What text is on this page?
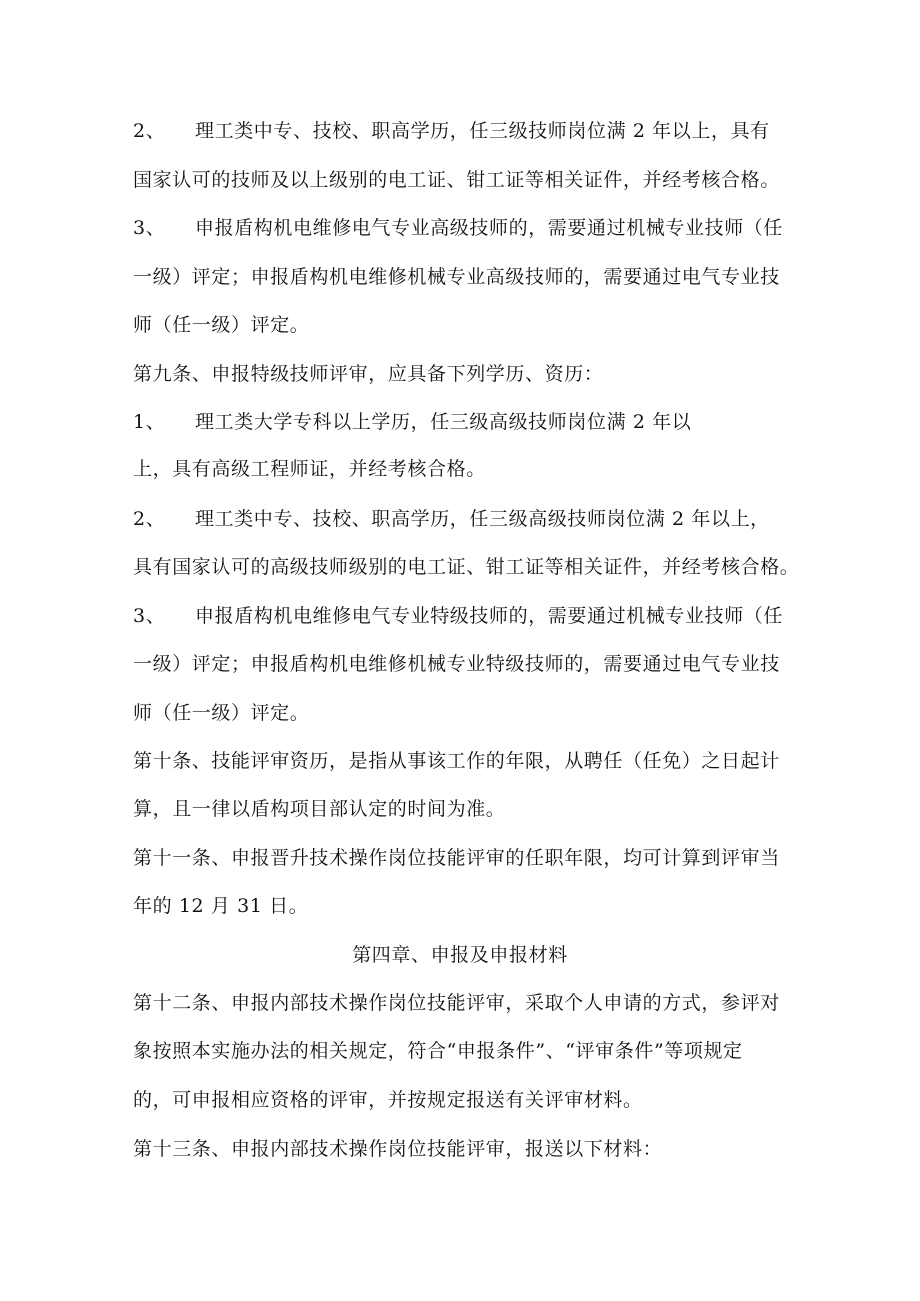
2、 理工类中专、技校、职高学历，任三级技师岗位满 2 年以上，具有
国家认可的技师及以上级别的电工证、钳工证等相关证件，并经考核合格。
3、 申报盾构机电维修电气专业高级技师的，需要通过机械专业技师（任
一级）评定；申报盾构机电维修机械专业高级技师的，需要通过电气专业技
师（任一级）评定。
第九条、申报特级技师评审，应具备下列学历、资历：
1、 理工类大学专科以上学历，任三级高级技师岗位满 2 年以
上，具有高级工程师证，并经考核合格。
2、 理工类中专、技校、职高学历，任三级高级技师岗位满 2 年以上，
具有国家认可的高级技师级别的电工证、钳工证等相关证件，并经考核合格。
3、 申报盾构机电维修电气专业特级技师的，需要通过机械专业技师（任
一级）评定；申报盾构机电维修机械专业特级技师的，需要通过电气专业技
师（任一级）评定。
第十条、技能评审资历，是指从事该工作的年限，从聘任（任免）之日起计
算，且一律以盾构项目部认定的时间为准。
第十一条、申报晋升技术操作岗位技能评审的任职年限，均可计算到评审当
年的 12 月 31 日。
第四章、申报及申报材料
第十二条、申报内部技术操作岗位技能评审，采取个人申请的方式，参评对
象按照本实施办法的相关规定，符合“申报条件”、“评审条件”等项规定
的，可申报相应资格的评审，并按规定报送有关评审材料。
第十三条、申报内部技术操作岗位技能评审，报送以下材料：
